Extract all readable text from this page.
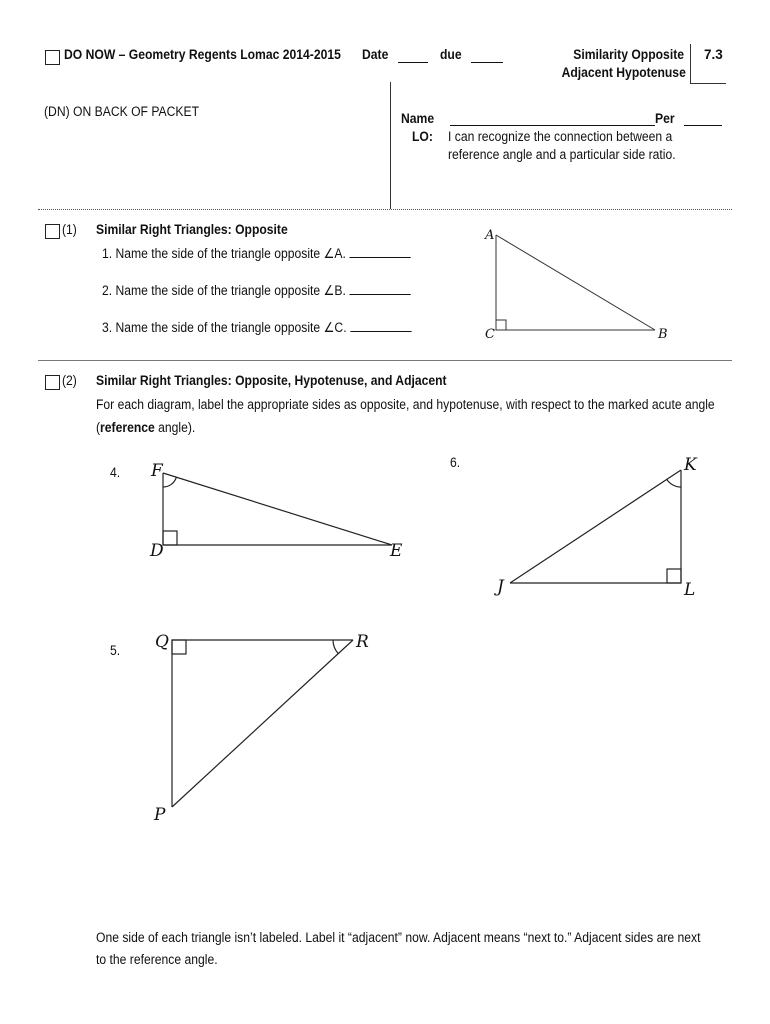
DO NOW – Geometry Regents Lomac 2014-2015 Date	due	Similarity Opposite
Adjacent Hypotenuse
7.3
(DN) ON BACK OF PACKET	Name	Per
LO: I can recognize the connection between a
reference angle and a particular side ratio.
(1) Similar Right Triangles: Opposite
1. Name the side of the triangle opposite ∠A.
2. Name the side of the triangle opposite ∠B.
3. Name the side of the triangle opposite ∠C.
A
B
C
F
D	E
K
J	L
Q	R
P
(2) Similar Right Triangles: Opposite, Hypotenuse, and Adjacent
For each diagram, label the appropriate sides as opposite, and hypotenuse, with respect to the marked acute angle
(reference angle).
4.
5.
6.
One side of each triangle isn’t labeled. Label it “adjacent” now. Adjacent means “next to.” Adjacent sides are next
to the reference angle.
